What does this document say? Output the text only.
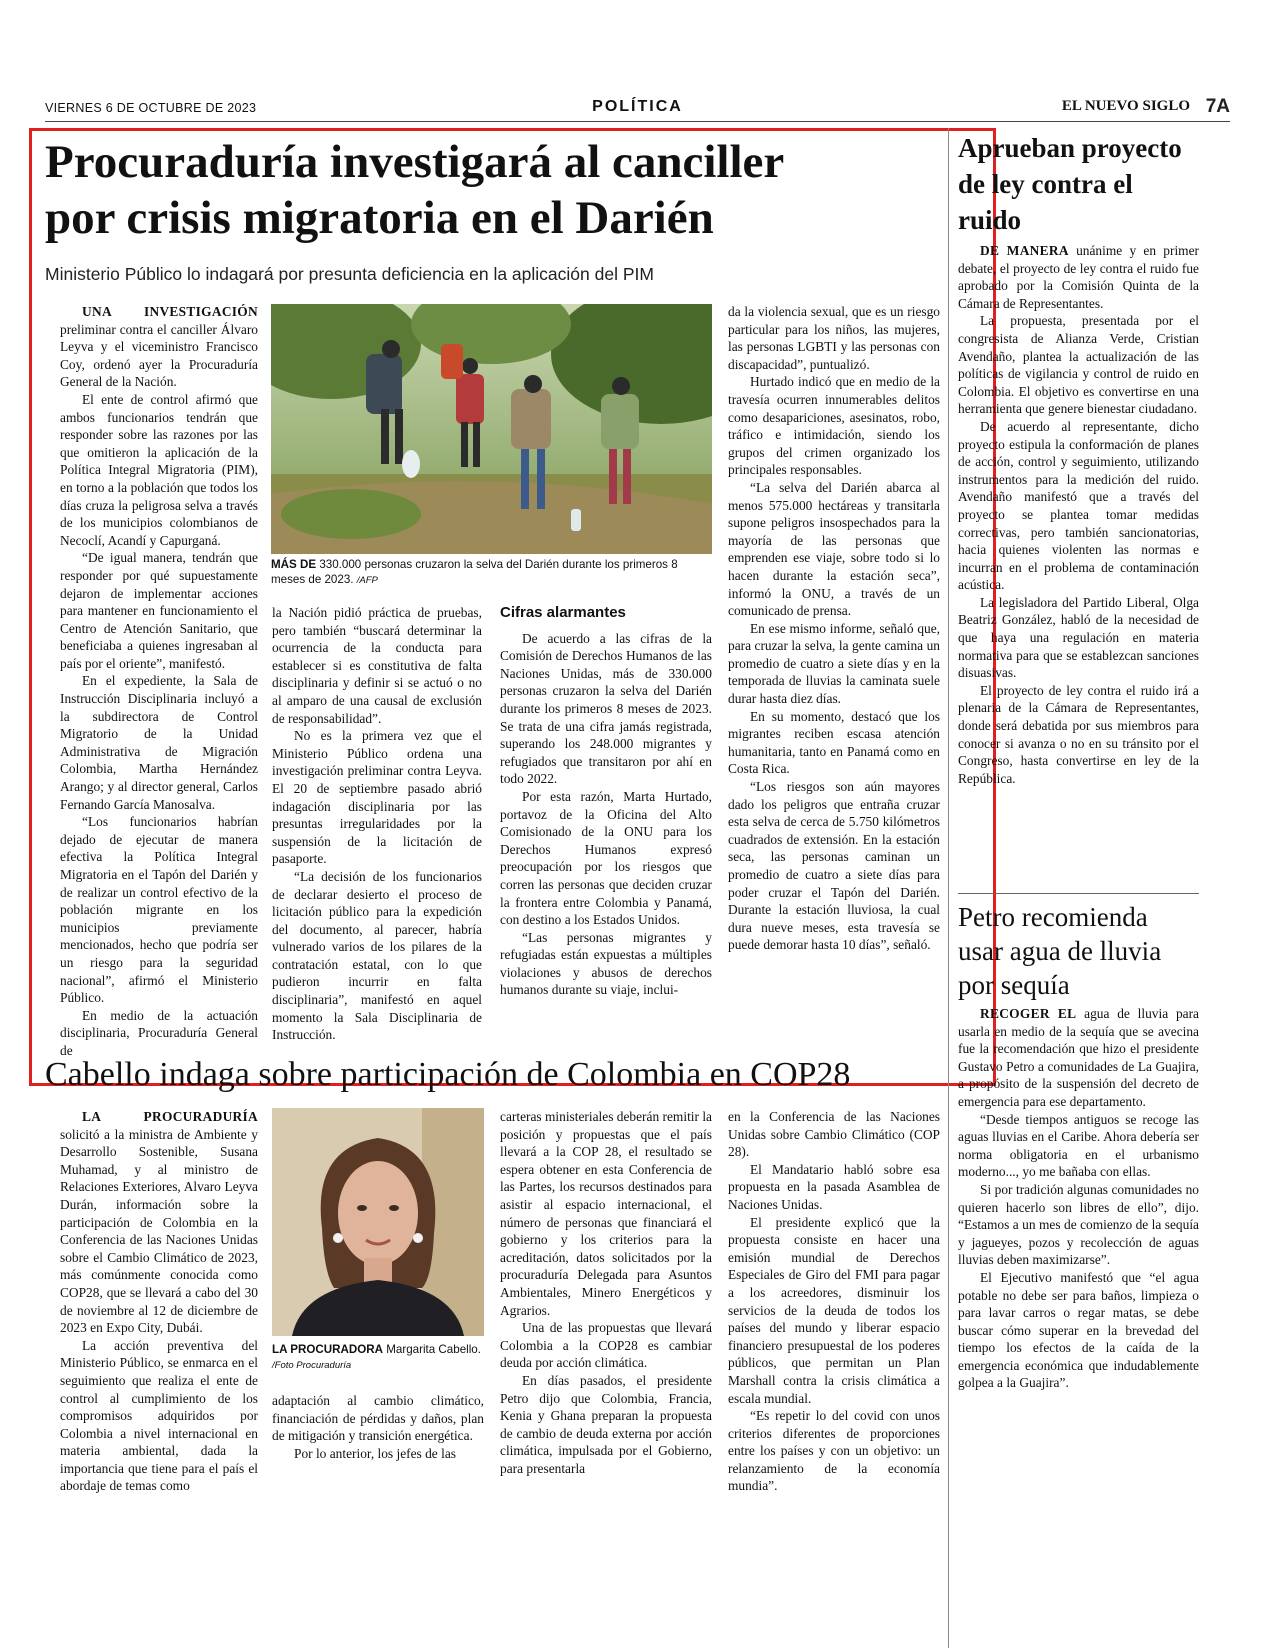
VIERNES 6 DE OCTUBRE DE 2023	POLÍTICA	EL NUEVO SIGLO 7A
Procuraduría investigará al canciller
por crisis migratoria en el Darién
Ministerio Público lo indagará por presunta deficiencia en la aplicación del PIM

UNA INVESTIGACIÓN preliminar contra el canciller Álvaro Leyva y el viceministro Francisco Coy, ordenó ayer la Procuraduría General de la Nación.

El ente de control afirmó que ambos funcionarios tendrán que responder sobre las razones por las que omitieron la aplicación de la Política Integral Migratoria (PIM), en torno a la población que todos los días cruza la peligrosa selva a través de los municipios colombianos de Necoclí, Acandí y Capurganá.

“De igual manera, tendrán que responder por qué supuestamente dejaron de implementar acciones para mantener en funcionamiento el Centro de Atención Sanitario, que beneficiaba a quienes ingresaban al país por el oriente”, manifestó.

En el expediente, la Sala de Instrucción Disciplinaria incluyó a la subdirectora de Control Migratorio de la Unidad Administrativa de Migración Colombia, Martha Hernández Arango; y al director general, Carlos Fernando García Manosalva.

“Los funcionarios habrían dejado de ejecutar de manera efectiva la Política Integral Migratoria en el Tapón del Darién y de realizar un control efectivo de la población migrante en los municipios previamente mencionados, hecho que podría ser un riesgo para la seguridad nacional”, afirmó el Ministerio Público.

En medio de la actuación disciplinaria, Procuraduría General de

MÁS DE 330.000 personas cruzaron la selva del Darién durante los primeros 8 meses de 2023. /AFP

la Nación pidió práctica de pruebas, pero también “buscará determinar la ocurrencia de la conducta para establecer si es constitutiva de falta disciplinaria y definir si se actuó o no al amparo de una causal de exclusión de responsabilidad”.

No es la primera vez que el Ministerio Público ordena una investigación preliminar contra Leyva. El 20 de septiembre pasado abrió indagación disciplinaria por las presuntas irregularidades por la suspensión de la licitación de pasaporte.

“La decisión de los funcionarios de declarar desierto el proceso de licitación público para la expedición del documento, al parecer, habría vulnerado varios de los pilares de la contratación estatal, con lo que pudieron incurrir en falta disciplinaria”, manifestó en aquel momento la Sala Disciplinaria de Instrucción.

Cifras alarmantes

De acuerdo a las cifras de la Comisión de Derechos Humanos de las Naciones Unidas, más de 330.000 personas cruzaron la selva del Darién durante los primeros 8 meses de 2023. Se trata de una cifra jamás registrada, superando los 248.000 migrantes y refugiados que transitaron por ahí en todo 2022.

Por esta razón, Marta Hurtado, portavoz de la Oficina del Alto Comisionado de la ONU para los Derechos Humanos expresó preocupación por los riesgos que corren las personas que deciden cruzar la frontera entre Colombia y Panamá, con destino a los Estados Unidos.

“Las personas migrantes y refugiadas están expuestas a múltiples violaciones y abusos de derechos humanos durante su viaje, inclui-

da la violencia sexual, que es un riesgo particular para los niños, las mujeres, las personas LGBTI y las personas con discapacidad”, puntualizó.

Hurtado indicó que en medio de la travesía ocurren innumerables delitos como desapariciones, asesinatos, robo, tráfico e intimidación, siendo los grupos del crimen organizado los principales responsables.

“La selva del Darién abarca al menos 575.000 hectáreas y transitarla supone peligros insospechados para la mayoría de las personas que emprenden ese viaje, sobre todo si lo hacen durante la estación seca”, informó la ONU, a través de un comunicado de prensa.

En ese mismo informe, señaló que, para cruzar la selva, la gente camina un promedio de cuatro a siete días y en la temporada de lluvias la caminata suele durar hasta diez días.

En su momento, destacó que los migrantes reciben escasa atención humanitaria, tanto en Panamá como en Costa Rica.

“Los riesgos son aún mayores dado los peligros que entraña cruzar esta selva de cerca de 5.750 kilómetros cuadrados de extensión. En la estación seca, las personas caminan un promedio de cuatro a siete días para poder cruzar el Tapón del Darién. Durante la estación lluviosa, la cual dura nueve meses, esta travesía se puede demorar hasta 10 días”, señaló.

Aprueban proyecto de ley contra el ruido

DE MANERA unánime y en primer debate, el proyecto de ley contra el ruido fue aprobado por la Comisión Quinta de la Cámara de Representantes.

La propuesta, presentada por el congresista de Alianza Verde, Cristian Avendaño, plantea la actualización de las políticas de vigilancia y control de ruido en Colombia. El objetivo es convertirse en una herramienta que genere bienestar ciudadano.

De acuerdo al representante, dicho proyecto estipula la conformación de planes de acción, control y seguimiento, utilizando instrumentos para la medición del ruido. Avendaño manifestó que a través del proyecto se plantea tomar medidas correctivas, pero también sancionatorias, hacia quienes violenten las normas e incurran en el problema de contaminación acústica.

La legisladora del Partido Liberal, Olga Beatriz González, habló de la necesidad de que haya una regulación en materia normativa para que se establezcan sanciones disuasivas.

El proyecto de ley contra el ruido irá a plenaria de la Cámara de Representantes, donde será debatida por sus miembros para conocer si avanza o no en su tránsito por el Congreso, hasta convertirse en ley de la República.

Petro recomienda usar agua de lluvia por sequía

RECOGER EL agua de lluvia para usarla en medio de la sequía que se avecina fue la recomendación que hizo el presidente Gustavo Petro a comunidades de La Guajira, a propósito de la suspensión del decreto de emergencia para ese departamento.

“Desde tiempos antiguos se recoge las aguas lluvias en el Caribe. Ahora debería ser norma obligatoria en el urbanismo moderno..., yo me bañaba con ellas.

Si por tradición algunas comunidades no quieren hacerlo son libres de ello”, dijo. “Estamos a un mes de comienzo de la sequía y jagueyes, pozos y recolección de aguas lluvias deben maximizarse”.

El Ejecutivo manifestó que “el agua potable no debe ser para baños, limpieza o para lavar carros o regar matas, se debe buscar cómo superar en la brevedad del tiempo los efectos de la caída de la emergencia económica que indudablemente golpea a la Guajira”.

Cabello indaga sobre participación de Colombia en COP28

LA PROCURADURÍA solicitó a la ministra de Ambiente y Desarrollo Sostenible, Susana Muhamad, y al ministro de Relaciones Exteriores, Alvaro Leyva Durán, información sobre la participación de Colombia en la Conferencia de las Naciones Unidas sobre el Cambio Climático de 2023, más comúnmente conocida como COP28, que se llevará a cabo del 30 de noviembre al 12 de diciembre de 2023 en Expo City, Dubái.

La acción preventiva del Ministerio Público, se enmarca en el seguimiento que realiza el ente de control al cumplimiento de los compromisos adquiridos por Colombia a nivel internacional en materia ambiental, dada la importancia que tiene para el país el abordaje de temas como

LA PROCURADORA Margarita Cabello. /Foto Procuraduría

adaptación al cambio climático, financiación de pérdidas y daños, plan de mitigación y transición energética.

Por lo anterior, los jefes de las

carteras ministeriales deberán remitir la posición y propuestas que el país llevará a la COP 28, el resultado se espera obtener en esta Conferencia de las Partes, los recursos destinados para asistir al espacio internacional, el número de personas que financiará el gobierno y los criterios para la acreditación, datos solicitados por la procuraduría Delegada para Asuntos Ambientales, Minero Energéticos y Agrarios.

Una de las propuestas que llevará Colombia a la COP28 es cambiar deuda por acción climática.

En días pasados, el presidente Petro dijo que Colombia, Francia, Kenia y Ghana preparan la propuesta de cambio de deuda externa por acción climática, impulsada por el Gobierno, para presentarla

en la Conferencia de las Naciones Unidas sobre Cambio Climático (COP 28).

El Mandatario habló sobre esa propuesta en la pasada Asamblea de Naciones Unidas.

El presidente explicó que la propuesta consiste en hacer una emisión mundial de Derechos Especiales de Giro del FMI para pagar a los acreedores, disminuir los servicios de la deuda de todos los países del mundo y liberar espacio financiero presupuestal de los poderes públicos, que permitan un Plan Marshall contra la crisis climática a escala mundial.

“Es repetir lo del covid con unos criterios diferentes de proporciones entre los países y con un objetivo: un relanzamiento de la economía mundia”.
